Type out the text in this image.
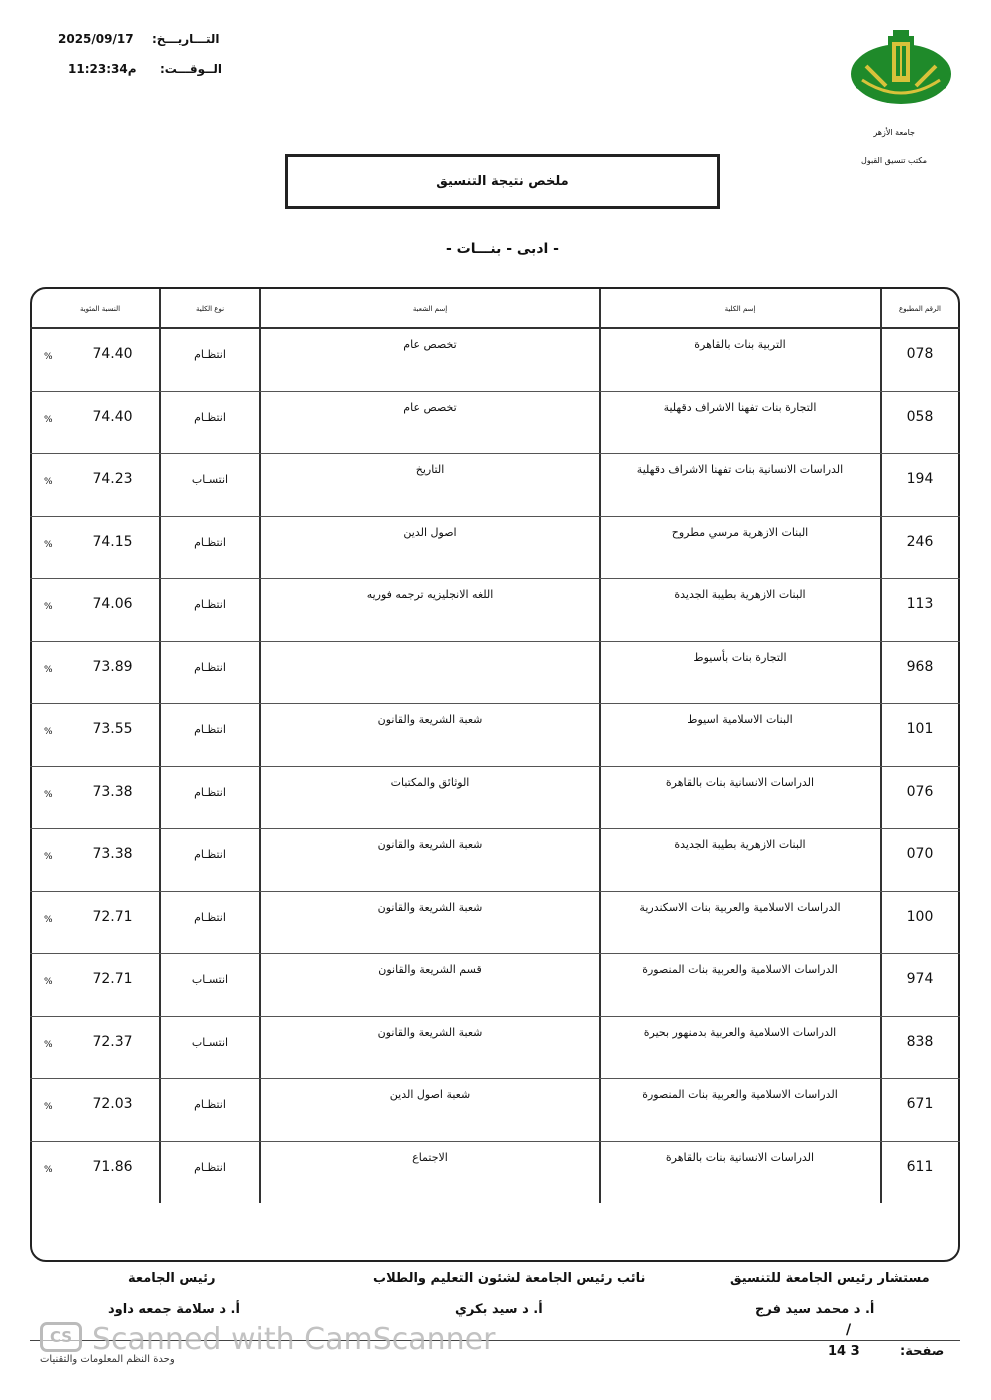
التـــاريـــخ:
2025/09/17
الــوقـــت:
11:23:34م
جامعة الأزهر
مكتب تنسيق القبول
ملخص نتيجة التنسيق
- ادبى - بنـــات -
الرقم المطبوع
إسم الكلية
إسم الشعبة
نوع الكلية
النسبة المئوية
078
التربية بنات بالقاهرة
تخصص عام
انتظـام
74.40
%
058
التجارة بنات تفهنا الاشراف دقهلية
تخصص عام
انتظـام
74.40
%
194
الدراسات الانسانية بنات تفهنا الاشراف دقهلية
التاريخ
انتسـاب
74.23
%
246
البنات الازهرية مرسي مطروح
اصول الدين
انتظـام
74.15
%
113
البنات الازهرية بطيبة الجديدة
اللغه الانجليزيه ترجمه فوريه
انتظـام
74.06
%
968
التجارة بنات بأسيوط
انتظـام
73.89
%
101
البنات الاسلامية اسيوط
شعبة الشريعة والقانون
انتظـام
73.55
%
076
الدراسات الانسانية بنات بالقاهرة
الوثائق والمكتبات
انتظـام
73.38
%
070
البنات الازهرية بطيبة الجديدة
شعبة الشريعة والقانون
انتظـام
73.38
%
100
الدراسات الاسلامية والعربية بنات الاسكندرية
شعبة الشريعة والقانون
انتظـام
72.71
%
974
الدراسات الاسلامية والعربية بنات المنصورة
قسم الشريعة والقانون
انتسـاب
72.71
%
838
الدراسات الاسلامية والعربية بدمنهور بحيرة
شعبة الشريعة والقانون
انتسـاب
72.37
%
671
الدراسات الاسلامية والعربية بنات المنصورة
شعبة اصول الدين
انتظـام
72.03
%
611
الدراسات الانسانية بنات بالقاهرة
الاجتماع
انتظـام
71.86
%
مستشار رئيس الجامعة للتنسيق
أ. د محمد سيد فرج
نائب رئيس الجامعة لشئون التعليم والطلاب
أ. د سيد بكري
رئيس الجامعة
أ. د سلامة جمعه داود
/
صفحة:
14 3
وحدة النظم المعلومات والتقنيات
CS Scanned with CamScanner
